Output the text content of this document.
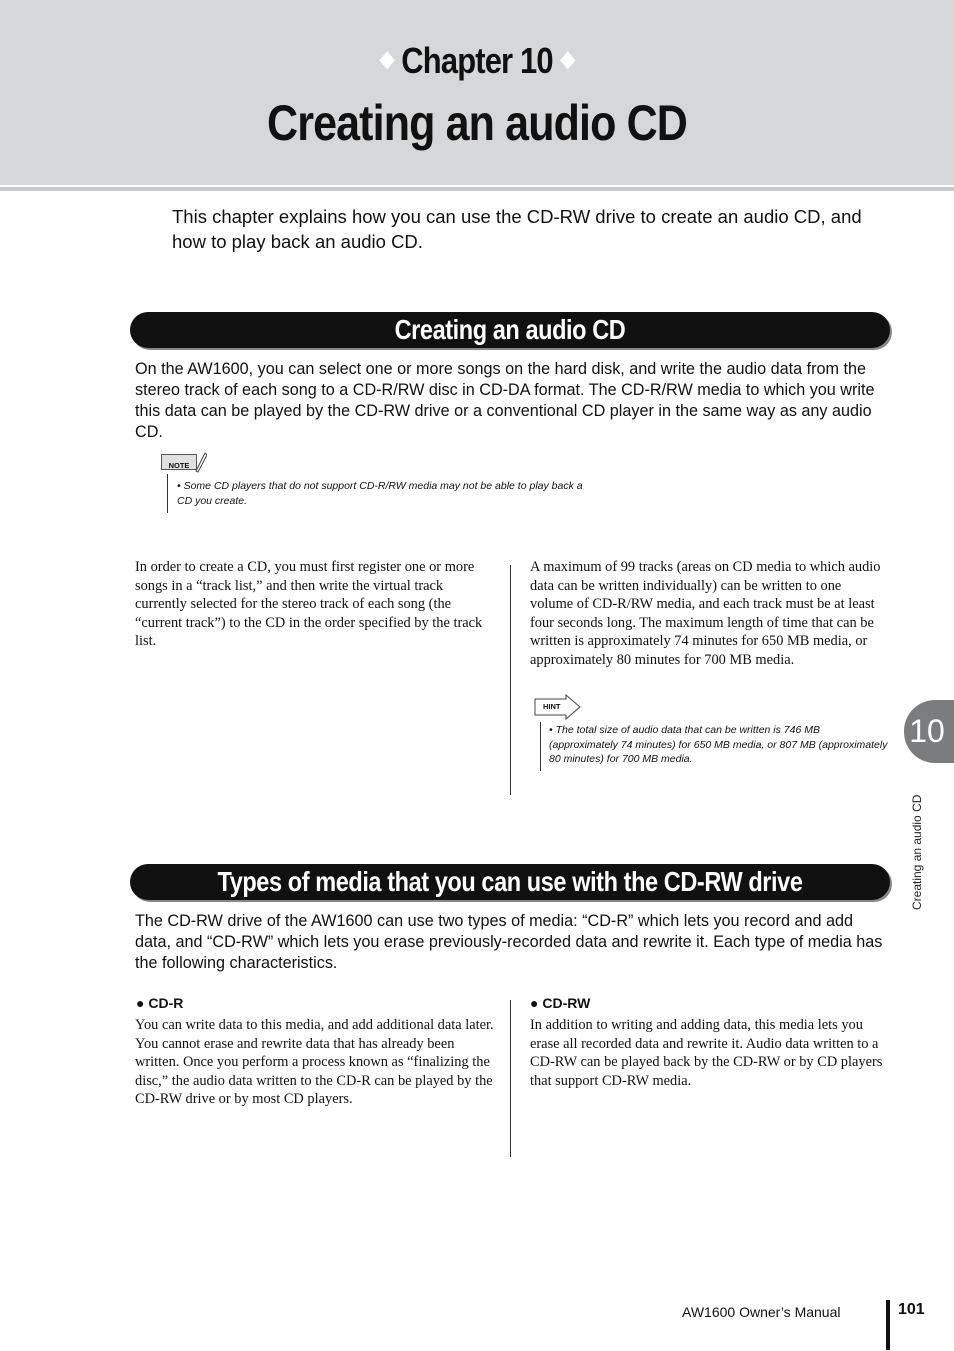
◆ Chapter 10 ◆
Creating an audio CD
This chapter explains how you can use the CD-RW drive to create an audio CD, and how to play back an audio CD.
Creating an audio CD
On the AW1600, you can select one or more songs on the hard disk, and write the audio data from the stereo track of each song to a CD-R/RW disc in CD-DA format. The CD-R/RW media to which you write this data can be played by the CD-RW drive or a conventional CD player in the same way as any audio CD.
NOTE
• Some CD players that do not support CD-R/RW media may not be able to play back a CD you create.
In order to create a CD, you must first register one or more songs in a “track list,” and then write the virtual track currently selected for the stereo track of each song (the “current track”) to the CD in the order specified by the track list.
A maximum of 99 tracks (areas on CD media to which audio data can be written individually) can be written to one volume of CD-R/RW media, and each track must be at least four seconds long. The maximum length of time that can be written is approximately 74 minutes for 650 MB media, or approximately 80 minutes for 700 MB media.
HINT
• The total size of audio data that can be written is 746 MB (approximately 74 minutes) for 650 MB media, or 807 MB (approximately 80 minutes) for 700 MB media.
Types of media that you can use with the CD-RW drive
The CD-RW drive of the AW1600 can use two types of media: “CD-R” which lets you record and add data, and “CD-RW” which lets you erase previously-recorded data and rewrite it. Each type of media has the following characteristics.
● CD-R
You can write data to this media, and add additional data later. You cannot erase and rewrite data that has already been written. Once you perform a process known as “finalizing the disc,” the audio data written to the CD-R can be played by the CD-RW drive or by most CD players.
● CD-RW
In addition to writing and adding data, this media lets you erase all recorded data and rewrite it. Audio data written to a CD-RW can be played back by the CD-RW or by CD players that support CD-RW media.
10
Creating an audio CD
AW1600 Owner’s Manual	101
